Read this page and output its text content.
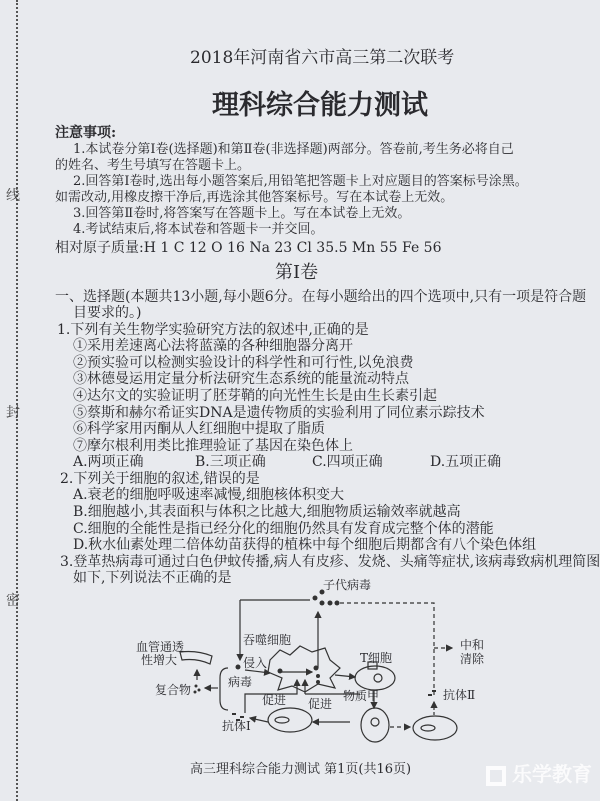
线
封
密
2018年河南省六市高三第二次联考
理科综合能力测试
注意事项:
1.本试卷分第Ⅰ卷(选择题)和第Ⅱ卷(非选择题)两部分。答卷前,考生务必将自己
的姓名、考生号填写在答题卡上。
2.回答第Ⅰ卷时,选出每小题答案后,用铅笔把答题卡上对应题目的答案标号涂黑。
如需改动,用橡皮擦干净后,再选涂其他答案标号。写在本试卷上无效。
3.回答第Ⅱ卷时,将答案写在答题卡上。写在本试卷上无效。
4.考试结束后,将本试卷和答题卡一并交回。
相对原子质量:H 1 C 12 O 16 Na 23 Cl 35.5 Mn 55 Fe 56
第Ⅰ卷
一、选择题(本题共13小题,每小题6分。在每小题给出的四个选项中,只有一项是符合题
目要求的。)
1.下列有关生物学实验研究方法的叙述中,正确的是
①采用差速离心法将蓝藻的各种细胞器分离开
②预实验可以检测实验设计的科学性和可行性,以免浪费
③林德曼运用定量分析法研究生态系统的能量流动特点
④达尔文的实验证明了胚芽鞘的向光性生长是由生长素引起
⑤蔡斯和赫尔希证实DNA是遗传物质的实验利用了同位素示踪技术
⑥科学家用丙酮从人红细胞中提取了脂质
⑦摩尔根利用类比推理验证了基因在染色体上
A.两项正确	B.三项正确	C.四项正确	D.五项正确
2.下列关于细胞的叙述,错误的是
A.衰老的细胞呼吸速率减慢,细胞核体积变大
B.细胞越小,其表面积与体积之比越大,细胞物质运输效率就越高
C.细胞的全能性是指已经分化的细胞仍然具有发育成完整个体的潜能
D.秋水仙素处理二倍体幼苗获得的植株中每个细胞后期都含有八个染色体组
3.登革热病毒可通过白色伊蚊传播,病人有皮疹、发烧、头痛等症状,该病毒致病机理简图
如下,下列说法不正确的是	子代病毒
吞噬细胞
血管通透
性增大	侵入
病毒
复合物
T细胞
促进 促进
物质甲
中和
清除
抗体Ⅱ
抗体Ⅰ
高三理科综合能力测试 第1页(共16页)	乐学教育
